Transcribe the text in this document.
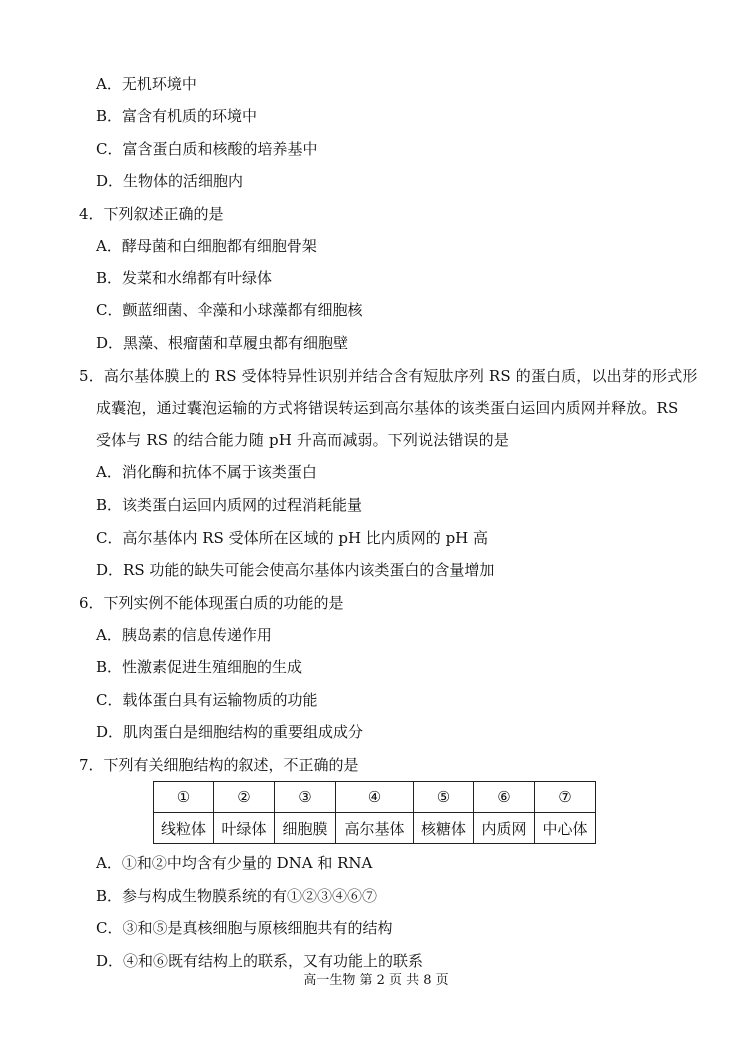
A．无机环境中
B．富含有机质的环境中
C．富含蛋白质和核酸的培养基中
D．生物体的活细胞内
4．下列叙述正确的是
A．酵母菌和白细胞都有细胞骨架
B．发菜和水绵都有叶绿体
C．颤蓝细菌、伞藻和小球藻都有细胞核
D．黑藻、根瘤菌和草履虫都有细胞壁
5．高尔基体膜上的 RS 受体特异性识别并结合含有短肽序列 RS 的蛋白质，以出芽的形式形
成囊泡，通过囊泡运输的方式将错误转运到高尔基体的该类蛋白运回内质网并释放。RS
受体与 RS 的结合能力随 pH 升高而减弱。下列说法错误的是
A．消化酶和抗体不属于该类蛋白
B．该类蛋白运回内质网的过程消耗能量
C．高尔基体内 RS 受体所在区域的 pH 比内质网的 pH 高
D．RS 功能的缺失可能会使高尔基体内该类蛋白的含量增加
6．下列实例不能体现蛋白质的功能的是
A．胰岛素的信息传递作用
B．性激素促进生殖细胞的生成
C．载体蛋白具有运输物质的功能
D．肌肉蛋白是细胞结构的重要组成成分
7．下列有关细胞结构的叙述，不正确的是
①	②	③	④	⑤	⑥	⑦
线粒体	叶绿体	细胞膜	高尔基体	核糖体	内质网	中心体
A．①和②中均含有少量的 DNA 和 RNA
B．参与构成生物膜系统的有①②③④⑥⑦
C．③和⑤是真核细胞与原核细胞共有的结构
D．④和⑥既有结构上的联系，又有功能上的联系
高一生物 第 2 页 共 8 页
